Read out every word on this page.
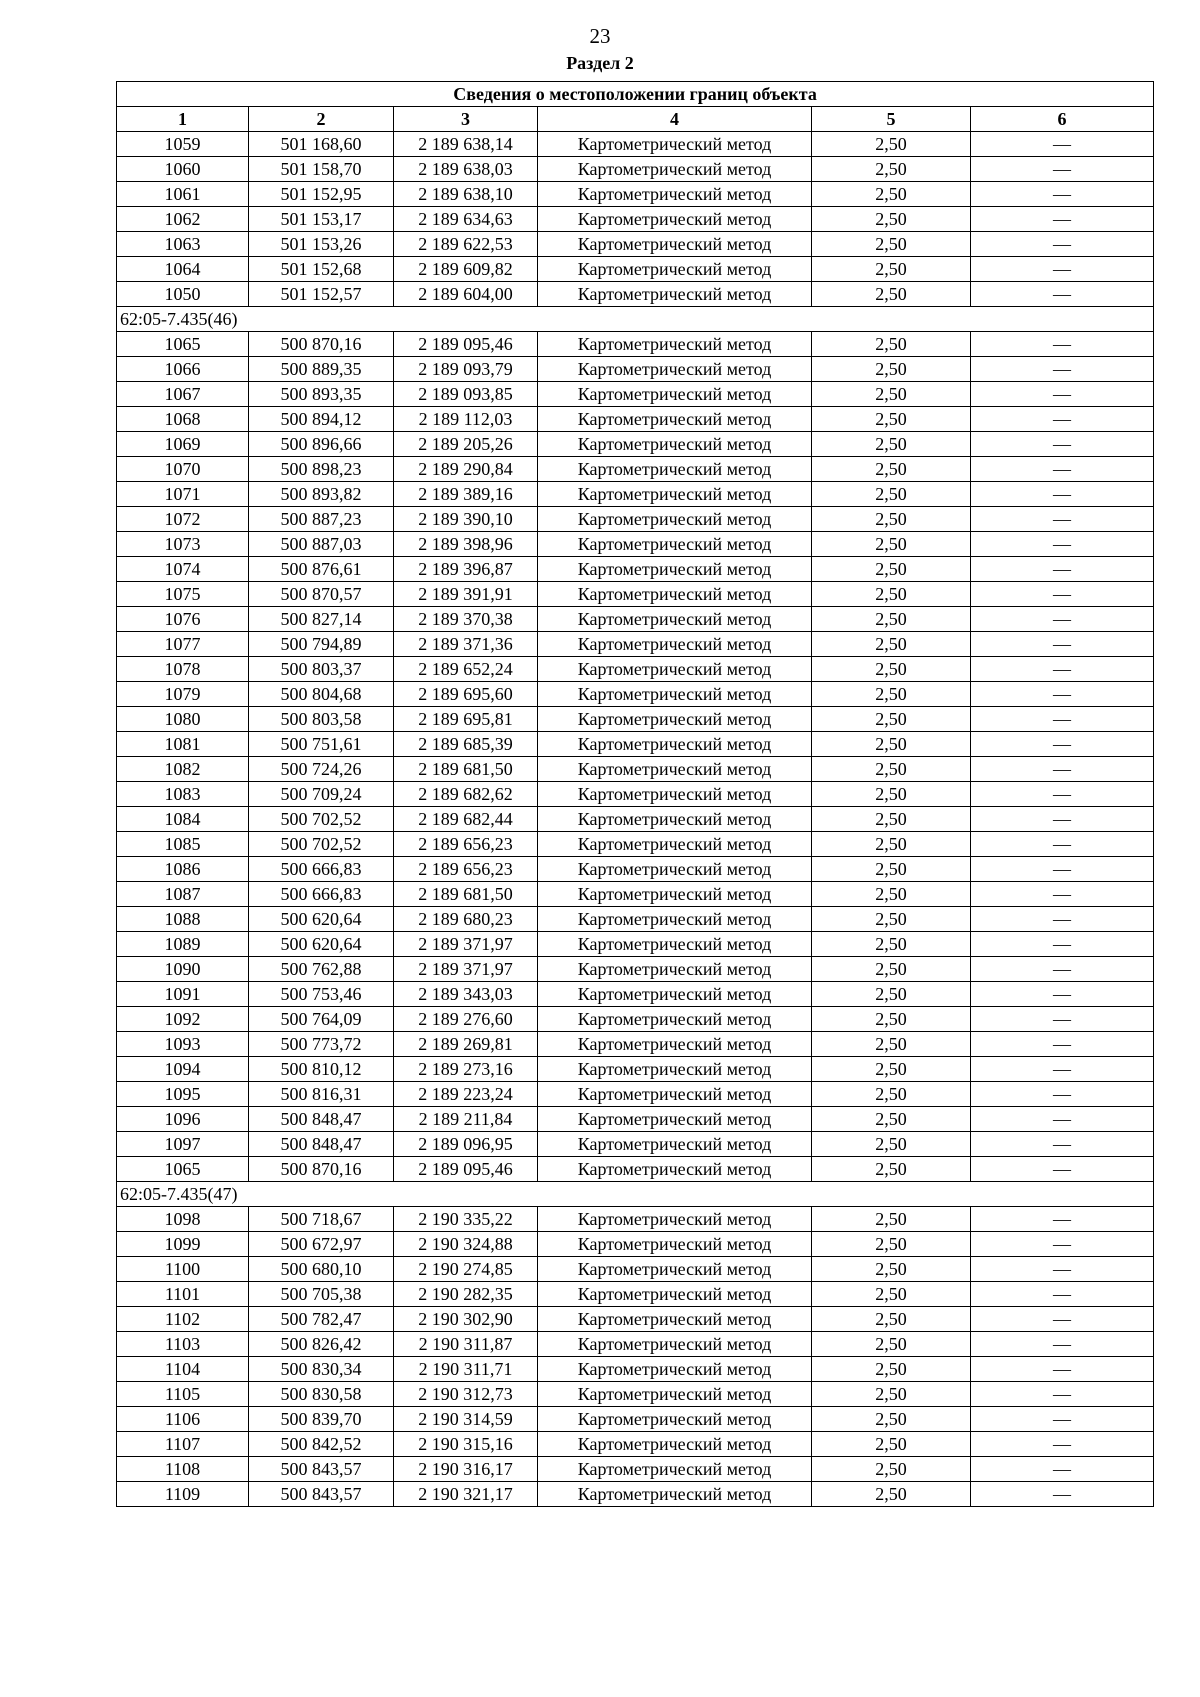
23
Раздел 2
Сведения о местоположении границ объекта					
1	2	3	4	5	6
1059	501 168,60	2 189 638,14	Картометрический метод	2,50	—
1060	501 158,70	2 189 638,03	Картометрический метод	2,50	—
1061	501 152,95	2 189 638,10	Картометрический метод	2,50	—
1062	501 153,17	2 189 634,63	Картометрический метод	2,50	—
1063	501 153,26	2 189 622,53	Картометрический метод	2,50	—
1064	501 152,68	2 189 609,82	Картометрический метод	2,50	—
1050	501 152,57	2 189 604,00	Картометрический метод	2,50	—
62:05-7.435(46)					
1065	500 870,16	2 189 095,46	Картометрический метод	2,50	—
1066	500 889,35	2 189 093,79	Картометрический метод	2,50	—
1067	500 893,35	2 189 093,85	Картометрический метод	2,50	—
1068	500 894,12	2 189 112,03	Картометрический метод	2,50	—
1069	500 896,66	2 189 205,26	Картометрический метод	2,50	—
1070	500 898,23	2 189 290,84	Картометрический метод	2,50	—
1071	500 893,82	2 189 389,16	Картометрический метод	2,50	—
1072	500 887,23	2 189 390,10	Картометрический метод	2,50	—
1073	500 887,03	2 189 398,96	Картометрический метод	2,50	—
1074	500 876,61	2 189 396,87	Картометрический метод	2,50	—
1075	500 870,57	2 189 391,91	Картометрический метод	2,50	—
1076	500 827,14	2 189 370,38	Картометрический метод	2,50	—
1077	500 794,89	2 189 371,36	Картометрический метод	2,50	—
1078	500 803,37	2 189 652,24	Картометрический метод	2,50	—
1079	500 804,68	2 189 695,60	Картометрический метод	2,50	—
1080	500 803,58	2 189 695,81	Картометрический метод	2,50	—
1081	500 751,61	2 189 685,39	Картометрический метод	2,50	—
1082	500 724,26	2 189 681,50	Картометрический метод	2,50	—
1083	500 709,24	2 189 682,62	Картометрический метод	2,50	—
1084	500 702,52	2 189 682,44	Картометрический метод	2,50	—
1085	500 702,52	2 189 656,23	Картометрический метод	2,50	—
1086	500 666,83	2 189 656,23	Картометрический метод	2,50	—
1087	500 666,83	2 189 681,50	Картометрический метод	2,50	—
1088	500 620,64	2 189 680,23	Картометрический метод	2,50	—
1089	500 620,64	2 189 371,97	Картометрический метод	2,50	—
1090	500 762,88	2 189 371,97	Картометрический метод	2,50	—
1091	500 753,46	2 189 343,03	Картометрический метод	2,50	—
1092	500 764,09	2 189 276,60	Картометрический метод	2,50	—
1093	500 773,72	2 189 269,81	Картометрический метод	2,50	—
1094	500 810,12	2 189 273,16	Картометрический метод	2,50	—
1095	500 816,31	2 189 223,24	Картометрический метод	2,50	—
1096	500 848,47	2 189 211,84	Картометрический метод	2,50	—
1097	500 848,47	2 189 096,95	Картометрический метод	2,50	—
1065	500 870,16	2 189 095,46	Картометрический метод	2,50	—
62:05-7.435(47)					
1098	500 718,67	2 190 335,22	Картометрический метод	2,50	—
1099	500 672,97	2 190 324,88	Картометрический метод	2,50	—
1100	500 680,10	2 190 274,85	Картометрический метод	2,50	—
1101	500 705,38	2 190 282,35	Картометрический метод	2,50	—
1102	500 782,47	2 190 302,90	Картометрический метод	2,50	—
1103	500 826,42	2 190 311,87	Картометрический метод	2,50	—
1104	500 830,34	2 190 311,71	Картометрический метод	2,50	—
1105	500 830,58	2 190 312,73	Картометрический метод	2,50	—
1106	500 839,70	2 190 314,59	Картометрический метод	2,50	—
1107	500 842,52	2 190 315,16	Картометрический метод	2,50	—
1108	500 843,57	2 190 316,17	Картометрический метод	2,50	—
1109	500 843,57	2 190 321,17	Картометрический метод	2,50	—
